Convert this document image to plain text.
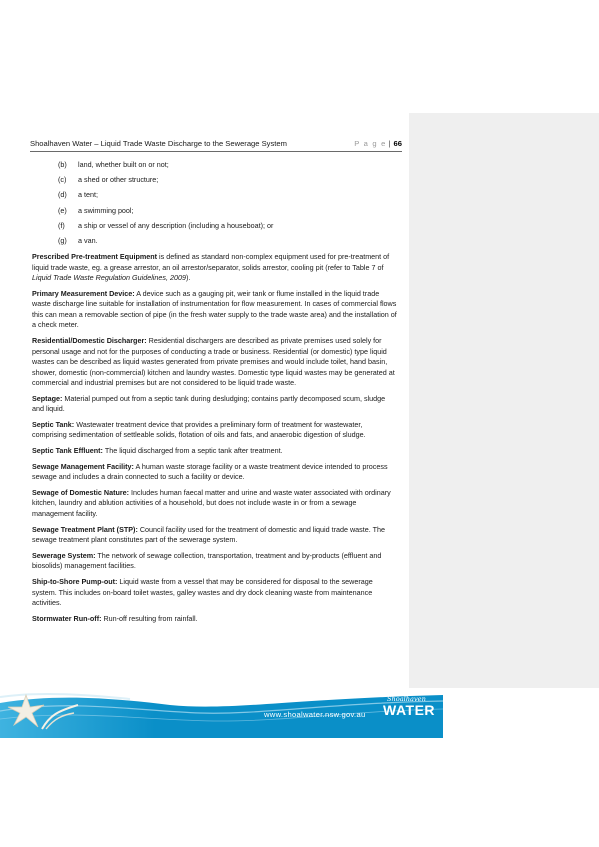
Shoalhaven Water – Liquid Trade Waste Discharge to the Sewerage System	P a g e | 66
(b) land, whether built on or not;
(c) a shed or other structure;
(d) a tent;
(e) a swimming pool;
(f) a ship or vessel of any description (including a houseboat); or
(g) a van.

Prescribed Pre-treatment Equipment is defined as standard non-complex equipment used for pre-treatment of liquid trade waste, eg. a grease arrestor, an oil arrestor/separator, solids arrestor, cooling pit (refer to Table 7 of Liquid Trade Waste Regulation Guidelines, 2009).

Primary Measurement Device: A device such as a gauging pit, weir tank or flume installed in the liquid trade waste discharge line suitable for installation of instrumentation for flow measurement. In cases of commercial flows this can mean a removable section of pipe (in the fresh water supply to the trade waste area) and the installation of a check meter.

Residential/Domestic Discharger: Residential dischargers are described as private premises used solely for personal usage and not for the purposes of conducting a trade or business. Residential (or domestic) type liquid wastes can be described as liquid wastes generated from private premises and would include toilet, hand basin, shower, domestic (non-commercial) kitchen and laundry wastes. Domestic type liquid wastes may be generated at commercial and industrial premises but are not considered to be liquid trade waste.

Septage: Material pumped out from a septic tank during desludging; contains partly decomposed scum, sludge and liquid.

Septic Tank: Wastewater treatment device that provides a preliminary form of treatment for wastewater, comprising sedimentation of settleable solids, flotation of oils and fats, and anaerobic digestion of sludge.

Septic Tank Effluent: The liquid discharged from a septic tank after treatment.

Sewage Management Facility: A human waste storage facility or a waste treatment device intended to process sewage and includes a drain connected to such a facility or device.

Sewage of Domestic Nature: Includes human faecal matter and urine and waste water associated with ordinary kitchen, laundry and ablution activities of a household, but does not include waste in or from a sewage management facility.

Sewage Treatment Plant (STP): Council facility used for the treatment of domestic and liquid trade waste. The sewage treatment plant constitutes part of the sewerage system.

Sewerage System: The network of sewage collection, transportation, treatment and by-products (effluent and biosolids) management facilities.

Ship-to-Shore Pump-out: Liquid waste from a vessel that may be considered for disposal to the sewerage system. This includes on-board toilet wastes, galley wastes and dry dock cleaning waste from maintenance activities.

Stormwater Run-off: Run-off resulting from rainfall.

www.shoalwater.nsw.gov.au
Shoalhaven
WATER
